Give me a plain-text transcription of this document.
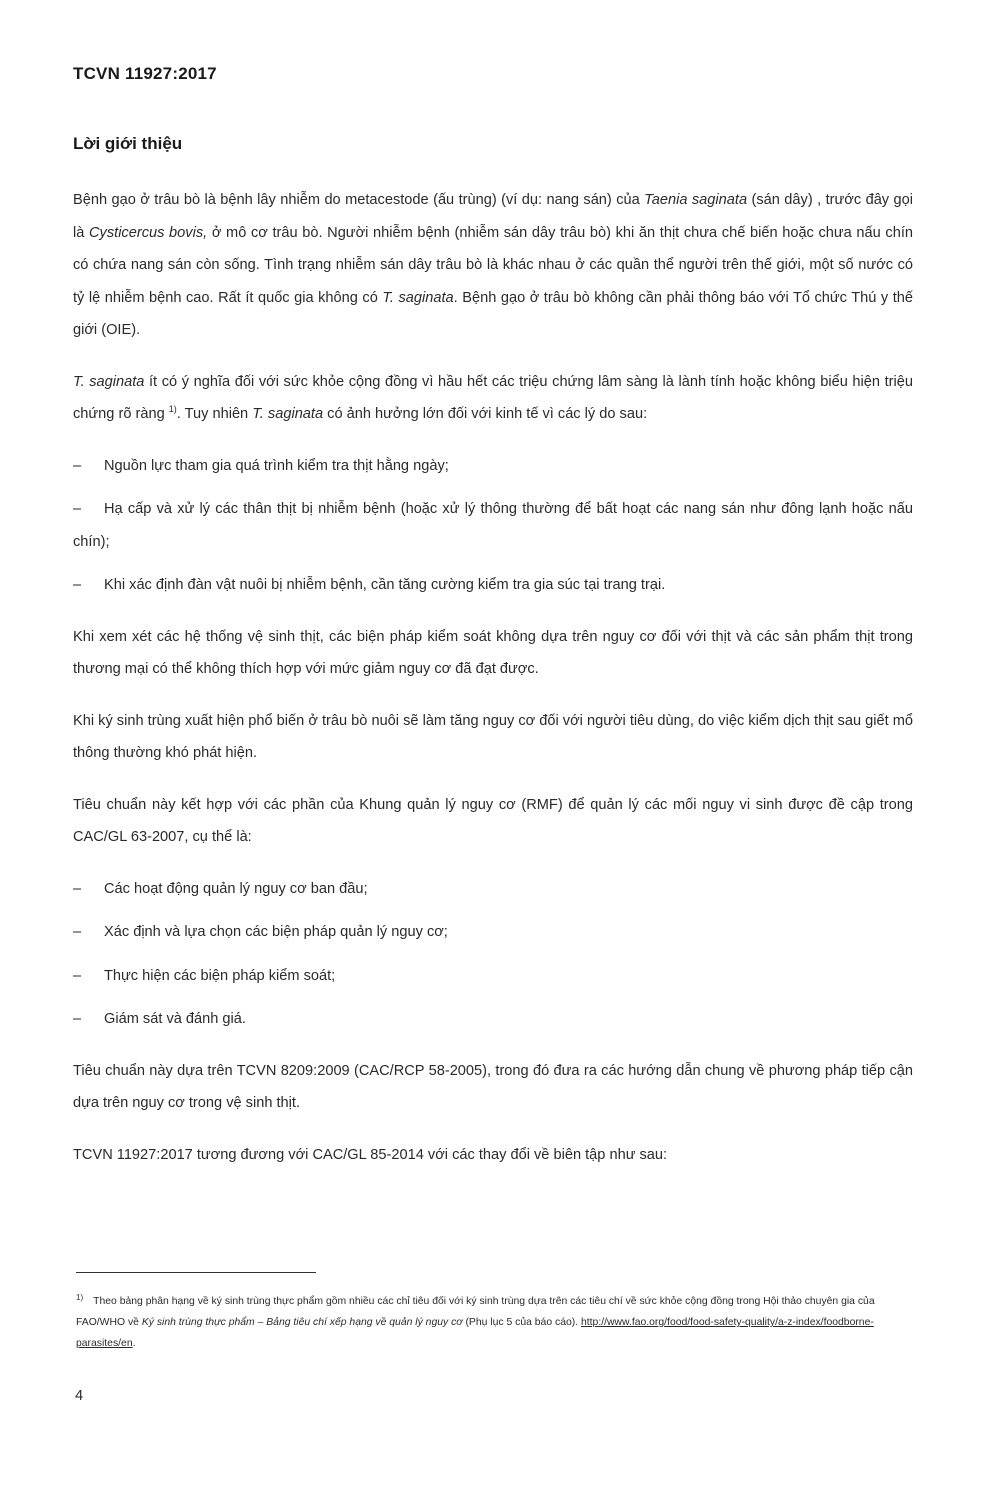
TCVN 11927:2017
Lời giới thiệu

Bệnh gạo ở trâu bò là bệnh lây nhiễm do metacestode (ấu trùng) (ví dụ: nang sán) của Taenia saginata (sán dây) , trước đây gọi là Cysticercus bovis, ở mô cơ trâu bò. Người nhiễm bệnh (nhiễm sán dây trâu bò) khi ăn thịt chưa chế biến hoặc chưa nấu chín có chứa nang sán còn sống. Tình trạng nhiễm sán dây trâu bò là khác nhau ở các quần thể người trên thế giới, một số nước có tỷ lệ nhiễm bệnh cao. Rất ít quốc gia không có T. saginata. Bệnh gạo ở trâu bò không cần phải thông báo với Tổ chức Thú y thế giới (OIE).

T. saginata ít có ý nghĩa đối với sức khỏe cộng đồng vì hầu hết các triệu chứng lâm sàng là lành tính hoặc không biểu hiện triệu chứng rõ ràng $^{1)}$. Tuy nhiên T. saginata có ảnh hưởng lớn đối với kinh tế vì các lý do sau:

– Nguồn lực tham gia quá trình kiểm tra thịt hằng ngày;
– Hạ cấp và xử lý các thân thịt bị nhiễm bệnh (hoặc xử lý thông thường để bất hoạt các nang sán như đông lạnh hoặc nấu chín);
– Khi xác định đàn vật nuôi bị nhiễm bệnh, cần tăng cường kiểm tra gia súc tại trang trại.

Khi xem xét các hệ thống vệ sinh thịt, các biện pháp kiểm soát không dựa trên nguy cơ đối với thịt và các sản phẩm thịt trong thương mại có thể không thích hợp với mức giảm nguy cơ đã đạt được.

Khi ký sinh trùng xuất hiện phổ biến ở trâu bò nuôi sẽ làm tăng nguy cơ đối với người tiêu dùng, do việc kiểm dịch thịt sau giết mổ thông thường khó phát hiện.

Tiêu chuẩn này kết hợp với các phần của Khung quản lý nguy cơ (RMF) để quản lý các mối nguy vi sinh được đề cập trong CAC/GL 63-2007, cụ thể là:

– Các hoạt động quản lý nguy cơ ban đầu;
– Xác định và lựa chọn các biện pháp quản lý nguy cơ;
– Thực hiện các biện pháp kiểm soát;
– Giám sát và đánh giá.

Tiêu chuẩn này dựa trên TCVN 8209:2009 (CAC/RCP 58-2005), trong đó đưa ra các hướng dẫn chung về phương pháp tiếp cận dựa trên nguy cơ trong vệ sinh thịt.

TCVN 11927:2017 tương đương với CAC/GL 85-2014 với các thay đổi về biên tập như sau:

$^{1)}$ Theo bảng phân hạng về ký sinh trùng thực phẩm gồm nhiều các chỉ tiêu đối với ký sinh trùng dựa trên các tiêu chí về sức khỏe cộng đồng trong Hội thảo chuyên gia của FAO/WHO về Ký sinh trùng thực phẩm – Bảng tiêu chí xếp hạng về quản lý nguy cơ (Phụ lục 5 của báo cáo). http://www.fao.org/food/food-safety-quality/a-z-index/foodborne-parasites/en.
4
